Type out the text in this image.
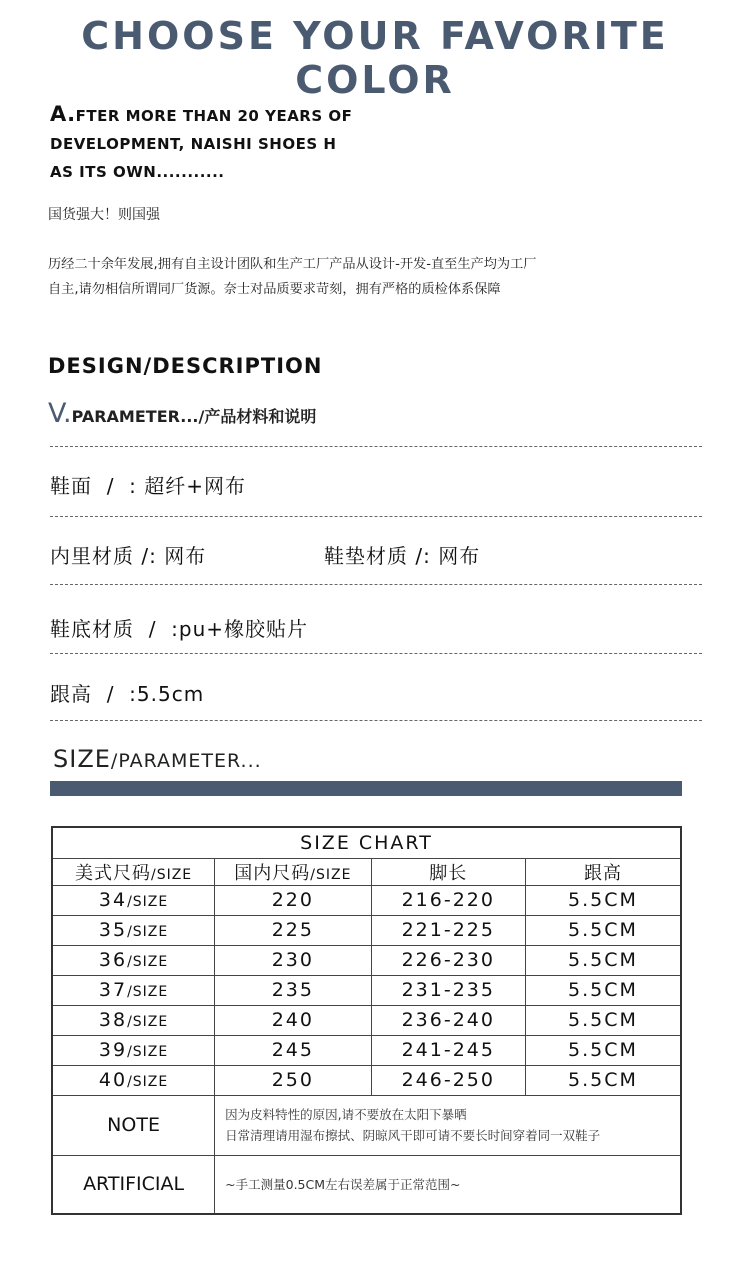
CHOOSE YOUR FAVORITE COLOR
A.FTER MORE THAN 20 YEARS OF
DEVELOPMENT, NAISHI SHOES H
AS ITS OWN...........
国货强大！则国强
历经二十余年发展,拥有自主设计团队和生产工厂产品从设计-开发-直至生产均为工厂
自主,请勿相信所谓同厂货源。奈士对品质要求苛刻，拥有严格的质检体系保障
DESIGN/DESCRIPTION
V.PARAMETER.../产品材料和说明
鞋面  /  : 超纤+网布
内里材质 /: 网布	鞋垫材质 /: 网布
鞋底材质  /  :pu+橡胶贴片
跟高  /  :5.5cm
SIZE/PARAMETER...
SIZE CHART			
美式尺码/SIZE	国内尺码/SIZE	脚长	跟高
34/SIZE	220	216-220	5.5CM
35/SIZE	225	221-225	5.5CM
36/SIZE	230	226-230	5.5CM
37/SIZE	235	231-235	5.5CM
38/SIZE	240	236-240	5.5CM
39/SIZE	245	241-245	5.5CM
40/SIZE	250	246-250	5.5CM
NOTE	因为皮料特性的原因,请不要放在太阳下暴晒
日常清理请用湿布擦拭、阴晾风干即可请不要长时间穿着同一双鞋子		

ARTIFICIAL	~手工测量0.5CM左右误差属于正常范围~		
